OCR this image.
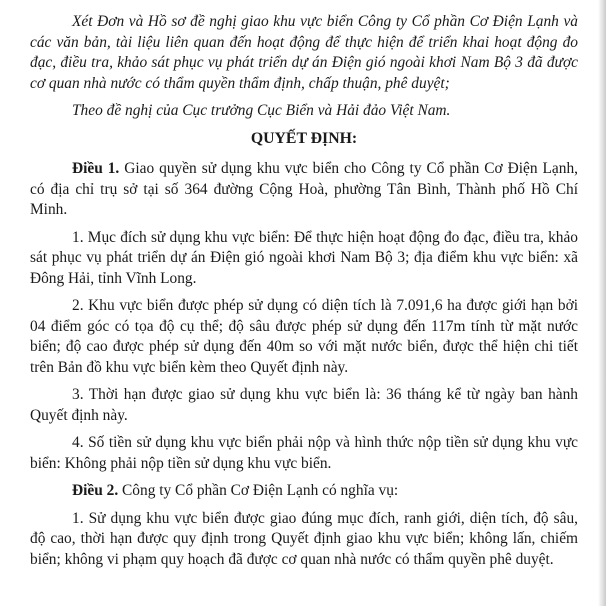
Xét Đơn và Hồ sơ đề nghị giao khu vực biển Công ty Cổ phần Cơ Điện Lạnh và các văn bản, tài liệu liên quan đến hoạt động để thực hiện để triển khai hoạt động đo đạc, điều tra, khảo sát phục vụ phát triển dự án Điện gió ngoài khơi Nam Bộ 3 đã được cơ quan nhà nước có thẩm quyền thẩm định, chấp thuận, phê duyệt;

Theo đề nghị của Cục trưởng Cục Biển và Hải đảo Việt Nam.

QUYẾT ĐỊNH:

Điều 1. Giao quyền sử dụng khu vực biển cho Công ty Cổ phần Cơ Điện Lạnh, có địa chỉ trụ sở tại số 364 đường Cộng Hoà, phường Tân Bình, Thành phố Hồ Chí Minh.

1. Mục đích sử dụng khu vực biển: Để thực hiện hoạt động đo đạc, điều tra, khảo sát phục vụ phát triển dự án Điện gió ngoài khơi Nam Bộ 3; địa điểm khu vực biển: xã Đông Hải, tỉnh Vĩnh Long.

2. Khu vực biển được phép sử dụng có diện tích là 7.091,6 ha được giới hạn bởi 04 điểm góc có tọa độ cụ thể; độ sâu được phép sử dụng đến 117m tính từ mặt nước biển; độ cao được phép sử dụng đến 40m so với mặt nước biển, được thể hiện chi tiết trên Bản đồ khu vực biển kèm theo Quyết định này.

3. Thời hạn được giao sử dụng khu vực biển là: 36 tháng kể từ ngày ban hành Quyết định này.

4. Số tiền sử dụng khu vực biển phải nộp và hình thức nộp tiền sử dụng khu vực biển: Không phải nộp tiền sử dụng khu vực biển.

Điều 2. Công ty Cổ phần Cơ Điện Lạnh có nghĩa vụ:

1. Sử dụng khu vực biển được giao đúng mục đích, ranh giới, diện tích, độ sâu, độ cao, thời hạn được quy định trong Quyết định giao khu vực biển; không lấn, chiếm biển; không vi phạm quy hoạch đã được cơ quan nhà nước có thẩm quyền phê duyệt.
